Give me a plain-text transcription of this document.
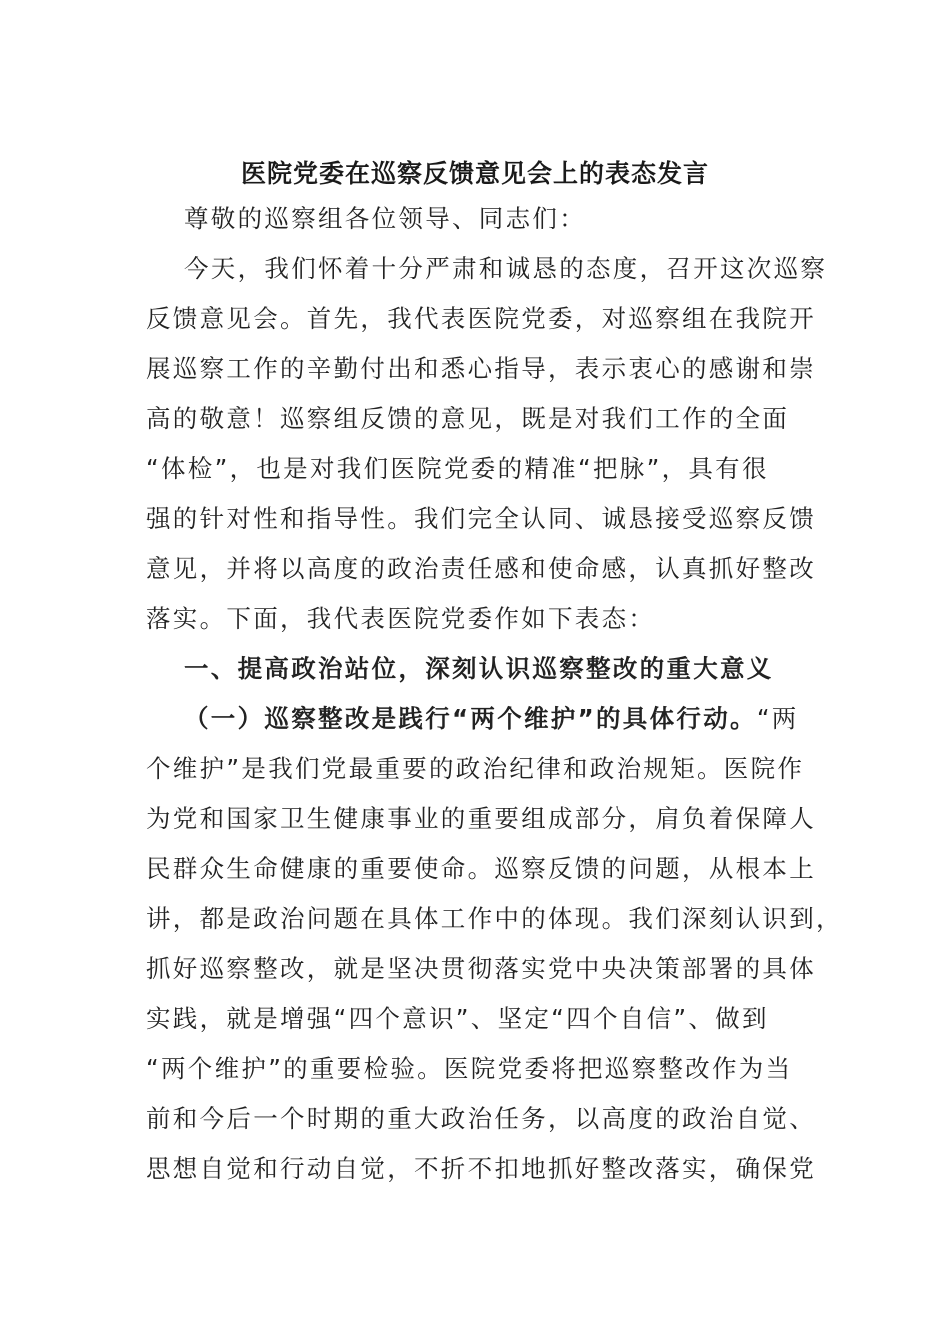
医院党委在巡察反馈意见会上的表态发言
尊敬的巡察组各位领导、同志们：
今天，我们怀着十分严肃和诚恳的态度，召开这次巡察
反馈意见会。首先，我代表医院党委，对巡察组在我院开
展巡察工作的辛勤付出和悉心指导，表示衷心的感谢和崇
高的敬意！巡察组反馈的意见，既是对我们工作的全面
“体检”，也是对我们医院党委的精准“把脉”，具有很
强的针对性和指导性。我们完全认同、诚恳接受巡察反馈
意见，并将以高度的政治责任感和使命感，认真抓好整改
落实。下面，我代表医院党委作如下表态：
一、提高政治站位，深刻认识巡察整改的重大意义
（一）巡察整改是践行“两个维护”的具体行动。“两
个维护”是我们党最重要的政治纪律和政治规矩。医院作
为党和国家卫生健康事业的重要组成部分，肩负着保障人
民群众生命健康的重要使命。巡察反馈的问题，从根本上
讲，都是政治问题在具体工作中的体现。我们深刻认识到，
抓好巡察整改，就是坚决贯彻落实党中央决策部署的具体
实践，就是增强“四个意识”、坚定“四个自信”、做到
“两个维护”的重要检验。医院党委将把巡察整改作为当
前和今后一个时期的重大政治任务，以高度的政治自觉、
思想自觉和行动自觉，不折不扣地抓好整改落实，确保党
